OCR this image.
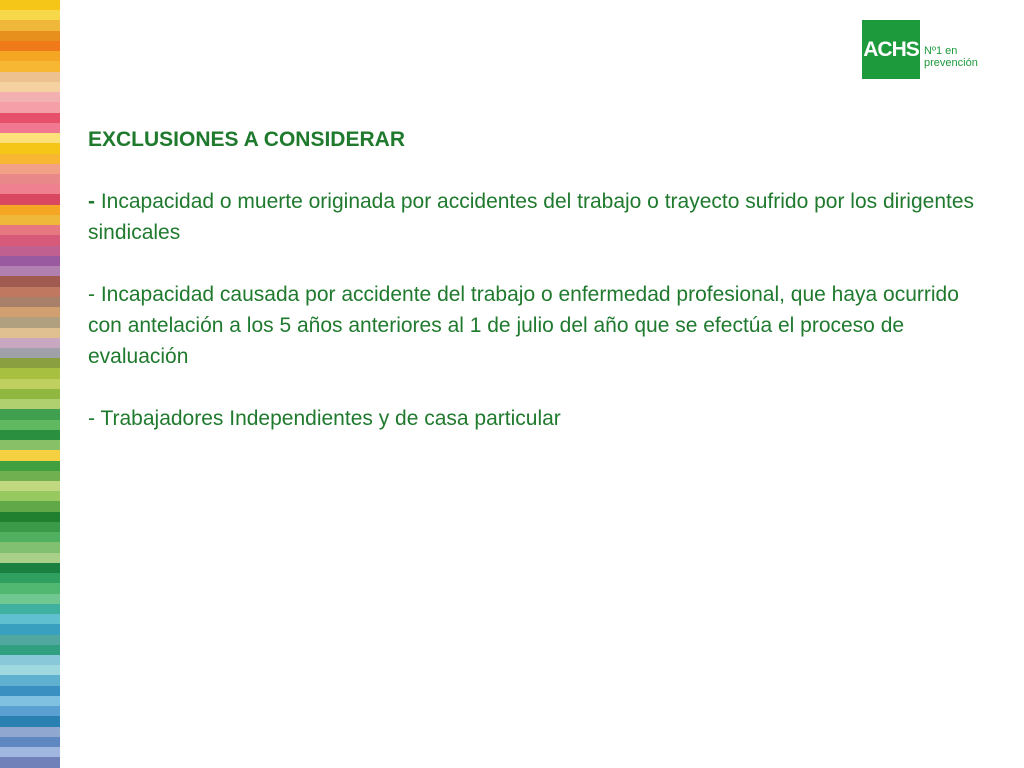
ACHS Nº1 en
prevención

EXCLUSIONES A CONSIDERAR

- Incapacidad o muerte originada por accidentes del trabajo o trayecto sufrido por los dirigentes sindicales

- Incapacidad causada por accidente del trabajo o enfermedad profesional, que haya ocurrido con antelación a los 5 años anteriores al 1 de julio del año que se efectúa el proceso de evaluación

- Trabajadores Independientes y de casa particular
